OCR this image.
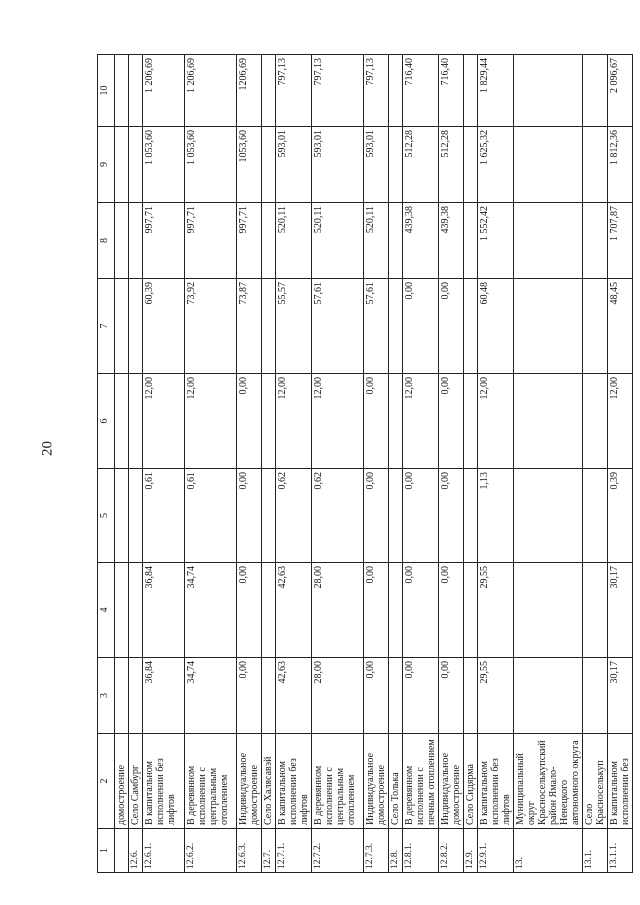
20
1	2	3	4	5	6	7	8	9	10
	домостроение								
12.6.	Село Самбург								
12.6.1.	В капитальном исполнении без лифтов	36,84	36,84	0,61	12,00	60,39	997,71	1 053,60	1 206,69
12.6.2.	В деревянном исполнении с центральным отоплением	34,74	34,74	0,61	12,00	73,92	997,71	1 053,60	1 206,69
12.6.3.	Индивидуальное домостроение	0,00	0,00	0,00	0,00	73,87	997,71	1053,60	1206,69
12.7.	Село Халясавэй								
12.7.1.	В капитальном исполнении без лифтов	42,63	42,63	0,62	12,00	55,57	520,11	593,01	797,13
12.7.2.	В деревянном исполнении с центральным отоплением	28,00	28,00	0,62	12,00	57,61	520,11	593,01	797,13
12.7.3.	Индивидуальное домостроение	0,00	0,00	0,00	0,00	57,61	520,11	593,01	797,13
12.8.	Село Толька								
12.8.1.	В деревянном исполнении с печным отоплением	0,00	0,00	0,00	12,00	0,00	439,38	512,28	716,40
12.8.2.	Индивидуальное домостроение	0,00	0,00	0,00	0,00	0,00	439,38	512,28	716,40
12.9.	Село Сидярма								
12.9.1.	В капитальном исполнении без лифтов	29,55	29,55	1,13	12,00	60,48	1 552,42	1 625,32	1 829,44
13.	Муниципальный округ Красноселькупский район Ямало-Ненецкого автономного округа								
13.1.	Село Красноселькуп								
13.1.1.	В капитальном исполнении без	30,17	30,17	0,39	12,00	48,45	1 707,87	1 812,36	2 096,67
